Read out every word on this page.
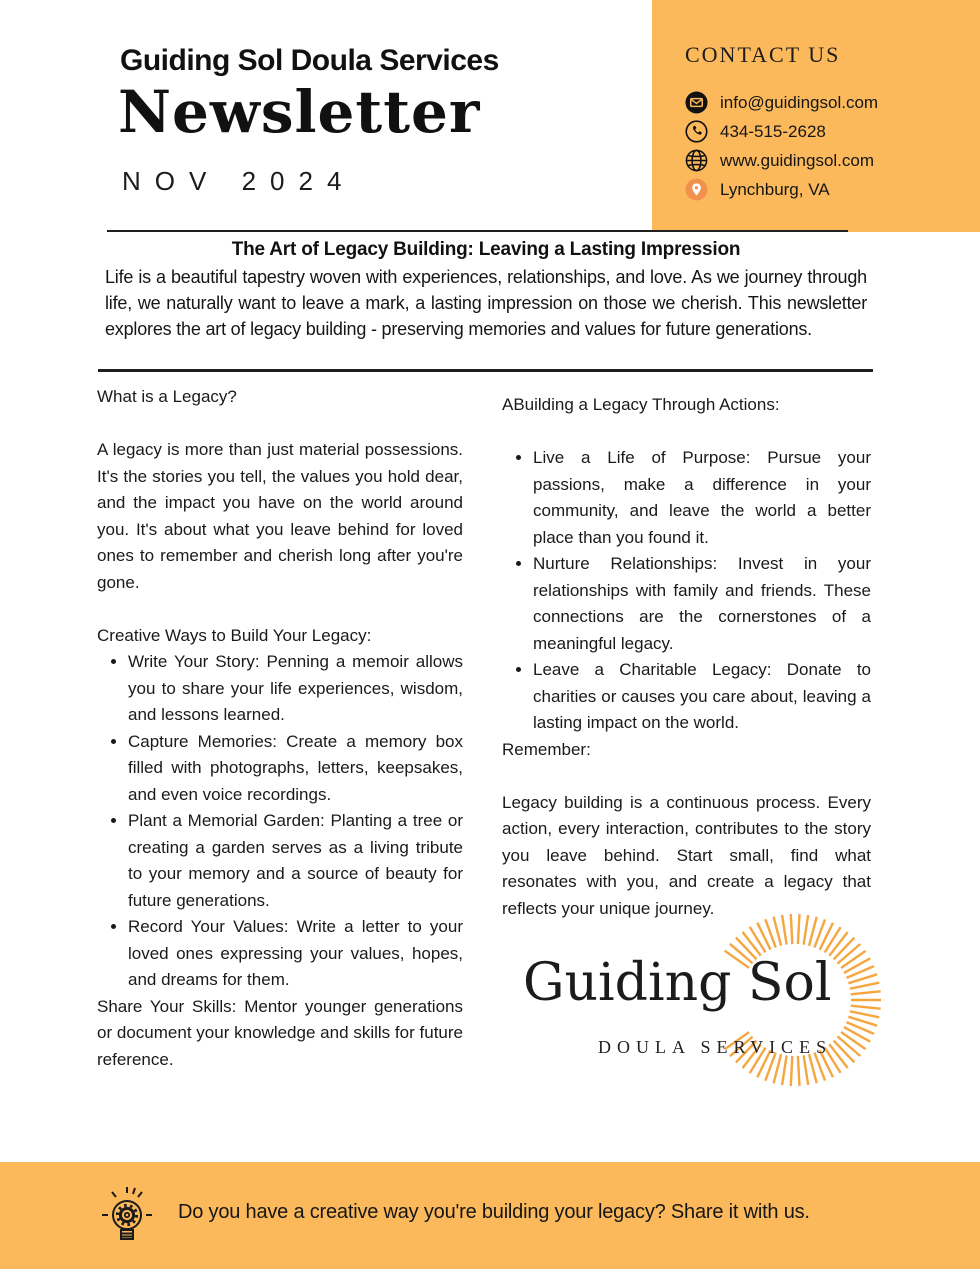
Guiding Sol Doula Services
Newsletter
NOV 2024
CONTACT US
info@guidingsol.com
434-515-2628
www.guidingsol.com
Lynchburg, VA
The Art of Legacy Building: Leaving a Lasting Impression

Life is a beautiful tapestry woven with experiences, relationships, and love. As we journey through life, we naturally want to leave a mark, a lasting impression on those we cherish. This newsletter explores the art of legacy building - preserving memories and values for future generations.

What is a Legacy?

A legacy is more than just material possessions. It's the stories you tell, the values you hold dear, and the impact you have on the world around you. It's about what you leave behind for loved ones to remember and cherish long after you're gone.

Creative Ways to Build Your Legacy:

• Write Your Story: Penning a memoir allows you to share your life experiences, wisdom, and lessons learned.
• Capture Memories: Create a memory box filled with photographs, letters, keepsakes, and even voice recordings.
• Plant a Memorial Garden: Planting a tree or creating a garden serves as a living tribute to your memory and a source of beauty for future generations.
• Record Your Values: Write a letter to your loved ones expressing your values, hopes, and dreams for them.

Share Your Skills: Mentor younger generations or document your knowledge and skills for future reference.

ABuilding a Legacy Through Actions:

• Live a Life of Purpose: Pursue your passions, make a difference in your community, and leave the world a better place than you found it.
• Nurture Relationships: Invest in your relationships with family and friends. These connections are the cornerstones of a meaningful legacy.
• Leave a Charitable Legacy: Donate to charities or causes you care about, leaving a lasting impact on the world.

Remember:

Legacy building is a continuous process. Every action, every interaction, contributes to the story you leave behind. Start small, find what resonates with you, and create a legacy that reflects your unique journey.

Guiding Sol
DOULA SERVICES
Do you have a creative way you're building your legacy? Share it with us.
